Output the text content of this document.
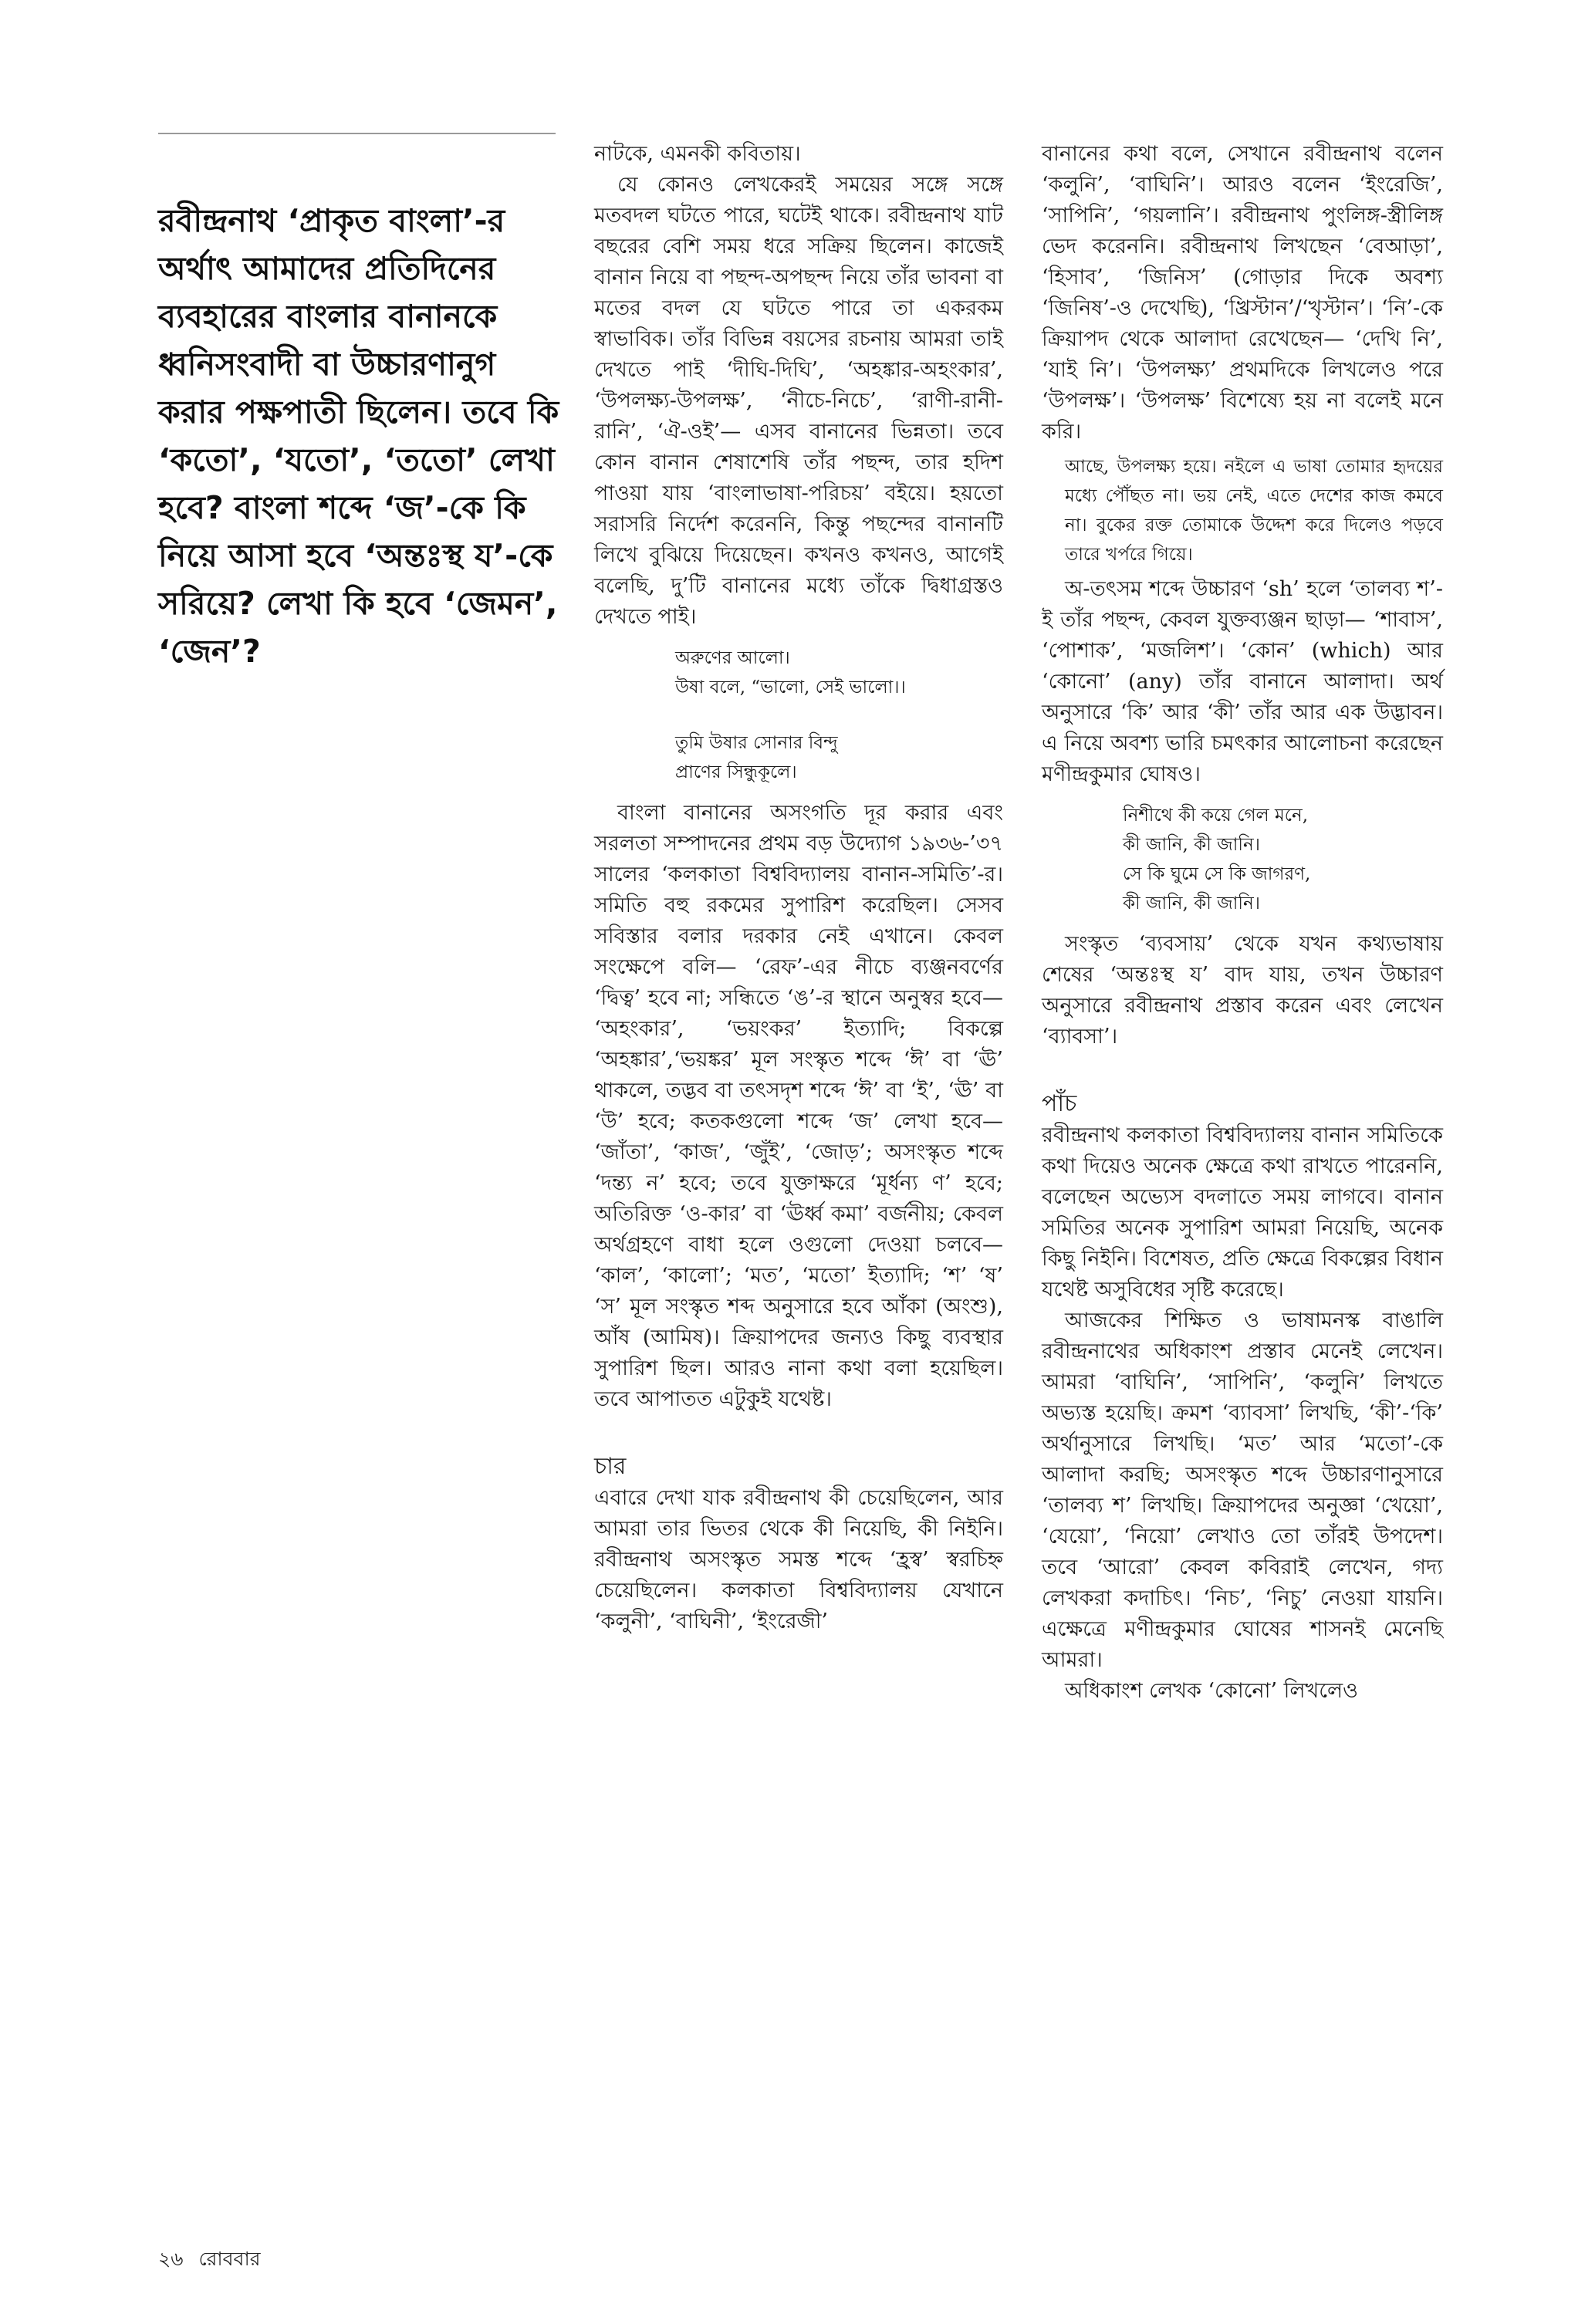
রবীন্দ্রনাথ ‘প্রাকৃত বাংলা’-র অর্থাৎ আমাদের প্রতিদিনের ব্যবহারের বাংলার বানানকে ধ্বনিসংবাদী বা উচ্চারণানুগ করার পক্ষপাতী ছিলেন। তবে কি ‘কতো’, ‘যতো’, ‘ততো’ লেখা হবে? বাংলা শব্দে ‘জ’-কে কি নিয়ে আসা হবে ‘অন্তঃস্থ য’-কে সরিয়ে? লেখা কি হবে ‘জেমন’, ‘জেন’?

নাটকে, এমনকী কবিতায়।

যে কোনও লেখকেরই সময়ের সঙ্গে সঙ্গে মতবদল ঘটতে পারে, ঘটেই থাকে। রবীন্দ্রনাথ যাট বছরের বেশি সময় ধরে সক্রিয় ছিলেন। কাজেই বানান নিয়ে বা পছন্দ-অপছন্দ নিয়ে তাঁর ভাবনা বা মতের বদল যে ঘটতে পারে তা একরকম স্বাভাবিক। তাঁর বিভিন্ন বয়সের রচনায় আমরা তাই দেখতে পাই ‘দীঘি-দিঘি’, ‘অহঙ্কার-অহংকার’, ‘উপলক্ষ্য-উপলক্ষ’, ‘নীচে-নিচে’, ‘রাণী-রানী-রানি’, ‘ঐ-ওই’— এসব বানানের ভিন্নতা। তবে কোন বানান শেষাশেষি তাঁর পছন্দ, তার হদিশ পাওয়া যায় ‘বাংলাভাষা-পরিচয়’ বইয়ে। হয়তো সরাসরি নির্দেশ করেননি, কিন্তু পছন্দের বানানটি লিখে বুঝিয়ে দিয়েছেন। কখনও কখনও, আগেই বলেছি, দু’টি বানানের মধ্যে তাঁকে দ্বিধাগ্রস্তও দেখতে পাই।

অরুণের আলো।
উষা বলে, “ভালো, সেই ভালো।।
তুমি উষার সোনার বিন্দু
প্রাণের সিন্ধুকূলে।

বাংলা বানানের অসংগতি দূর করার এবং সরলতা সম্পাদনের প্রথম বড় উদ্যোগ ১৯৩৬-’৩৭ সালের ‘কলকাতা বিশ্ববিদ্যালয় বানান-সমিতি’-র। সমিতি বহু রকমের সুপারিশ করেছিল। সেসব সবিস্তার বলার দরকার নেই এখানে। কেবল সংক্ষেপে বলি— ‘রেফ’-এর নীচে ব্যঞ্জনবর্ণের ‘দ্বিত্ব’ হবে না; সন্ধিতে ‘ঙ’-র স্থানে অনুস্বর হবে— ‘অহংকার’, ‘ভয়ংকর’ ইত্যাদি; বিকল্পে ‘অহঙ্কার’,‘ভয়ঙ্কর’ মূল সংস্কৃত শব্দে ‘ঈ’ বা ‘ঊ’ থাকলে, তদ্ভব বা তৎসদৃশ শব্দে ‘ঈ’ বা ‘ই’, ‘ঊ’ বা ‘উ’ হবে; কতকগুলো শব্দে ‘জ’ লেখা হবে— ‘জাঁতা’, ‘কাজ’, ‘জুঁই’, ‘জোড়’; অসংস্কৃত শব্দে ‘দন্ত্য ন’ হবে; তবে যুক্তাক্ষরে ‘মূর্ধন্য ণ’ হবে; অতিরিক্ত ‘ও-কার’ বা ‘ঊর্ধ্ব কমা’ বর্জনীয়; কেবল অর্থগ্রহণে বাধা হলে ওগুলো দেওয়া চলবে— ‘কাল’, ‘কালো’; ‘মত’, ‘মতো’ ইত্যাদি; ‘শ’ ‘ষ’ ‘স’ মূল সংস্কৃত শব্দ অনুসারে হবে আঁকা (অংশু), আঁষ (আমিষ)। ক্রিয়াপদের জন্যও কিছু ব্যবস্থার সুপারিশ ছিল। আরও নানা কথা বলা হয়েছিল। তবে আপাতত এটুকুই যথেষ্ট।

চার

এবারে দেখা যাক রবীন্দ্রনাথ কী চেয়েছিলেন, আর আমরা তার ভিতর থেকে কী নিয়েছি, কী নিইনি। রবীন্দ্রনাথ অসংস্কৃত সমস্ত শব্দে ‘হ্রস্ব’ স্বরচিহ্ন চেয়েছিলেন। কলকাতা বিশ্ববিদ্যালয় যেখানে ‘কলুনী’, ‘বাঘিনী’, ‘ইংরেজী’

বানানের কথা বলে, সেখানে রবীন্দ্রনাথ বলেন ‘কলুনি’, ‘বাঘিনি’। আরও বলেন ‘ইংরেজি’, ‘সাপিনি’, ‘গয়লানি’। রবীন্দ্রনাথ পুংলিঙ্গ-স্ত্রীলিঙ্গ ভেদ করেননি। রবীন্দ্রনাথ লিখছেন ‘বেআড়া’, ‘হিসাব’, ‘জিনিস’ (গোড়ার দিকে অবশ্য ‘জিনিষ’-ও দেখেছি), ‘খ্রিস্টান’/‘খৃস্টান’। ‘নি’-কে ক্রিয়াপদ থেকে আলাদা রেখেছেন— ‘দেখি নি’, ‘যাই নি’। ‘উপলক্ষ্য’ প্রথমদিকে লিখলেও পরে ‘উপলক্ষ’। ‘উপলক্ষ’ বিশেষ্যে হয় না বলেই মনে করি।

আছে, উপলক্ষ্য হয়ে। নইলে এ ভাষা তোমার হৃদয়ের মধ্যে পৌঁছত না। ভয় নেই, এতে দেশের কাজ কমবে না। বুকের রক্ত তোমাকে উদ্দেশ করে দিলেও পড়বে তারে খর্পরে গিয়ে।

অ-তৎসম শব্দে উচ্চারণ ‘sh’ হলে ‘তালব্য শ’-ই তাঁর পছন্দ, কেবল যুক্তব্যঞ্জন ছাড়া— ‘শাবাস’, ‘পোশাক’, ‘মজলিশ’। ‘কোন’ (which) আর ‘কোনো’ (any) তাঁর বানানে আলাদা। অর্থ অনুসারে ‘কি’ আর ‘কী’ তাঁর আর এক উদ্ভাবন। এ নিয়ে অবশ্য ভারি চমৎকার আলোচনা করেছেন মণীন্দ্রকুমার ঘোষও।

নিশীথে কী কয়ে গেল মনে,
কী জানি, কী জানি।
সে কি ঘুমে সে কি জাগরণ,
কী জানি, কী জানি।

সংস্কৃত ‘ব্যবসায়’ থেকে যখন কথ্যভাষায় শেষের ‘অন্তঃস্থ য’ বাদ যায়, তখন উচ্চারণ অনুসারে রবীন্দ্রনাথ প্রস্তাব করেন এবং লেখেন ‘ব্যাবসা’।

পাঁচ

রবীন্দ্রনাথ কলকাতা বিশ্ববিদ্যালয় বানান সমিতিকে কথা দিয়েও অনেক ক্ষেত্রে কথা রাখতে পারেননি, বলেছেন অভ্যেস বদলাতে সময় লাগবে। বানান সমিতির অনেক সুপারিশ আমরা নিয়েছি, অনেক কিছু নিইনি। বিশেষত, প্রতি ক্ষেত্রে বিকল্পের বিধান যথেষ্ট অসুবিধের সৃষ্টি করেছে।

আজকের শিক্ষিত ও ভাষামনস্ক বাঙালি রবীন্দ্রনাথের অধিকাংশ প্রস্তাব মেনেই লেখেন। আমরা ‘বাঘিনি’, ‘সাপিনি’, ‘কলুনি’ লিখতে অভ্যস্ত হয়েছি। ক্রমশ ‘ব্যাবসা’ লিখছি, ‘কী’-‘কি’ অর্থানুসারে লিখছি। ‘মত’ আর ‘মতো’-কে আলাদা করছি; অসংস্কৃত শব্দে উচ্চারণানুসারে ‘তালব্য শ’ লিখছি। ক্রিয়াপদের অনুজ্ঞা ‘খেয়ো’, ‘যেয়ো’, ‘নিয়ো’ লেখাও তো তাঁরই উপদেশ। তবে ‘আরো’ কেবল কবিরাই লেখেন, গদ্য লেখকরা কদাচিৎ। ‘নিচ’, ‘নিচু’ নেওয়া যায়নি। এক্ষেত্রে মণীন্দ্রকুমার ঘোষের শাসনই মেনেছি আমরা।

অধিকাংশ লেখক ‘কোনো’ লিখলেও

২৬ রোববার
